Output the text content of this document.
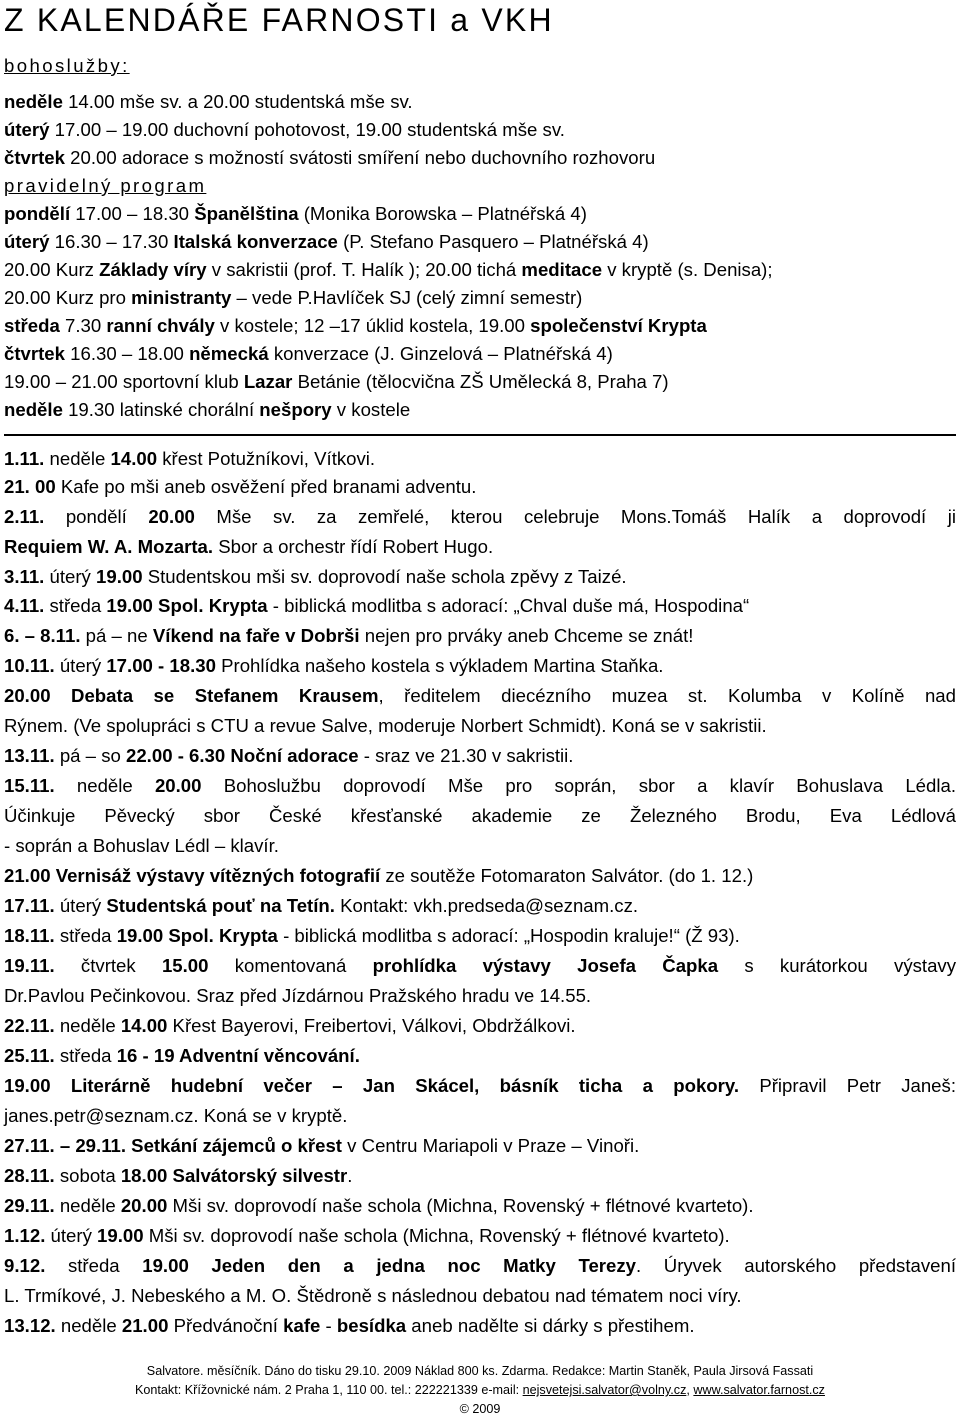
Z KALENDÁŘE FARNOSTI a VKH
bohoslužby:
neděle 14.00 mše sv. a 20.00 studentská mše sv.
úterý 17.00 – 19.00 duchovní pohotovost, 19.00 studentská mše sv.
čtvrtek 20.00 adorace s možností svátosti smíření nebo duchovního rozhovoru
pravidelný program
pondělí 17.00 – 18.30 Španělština (Monika Borowska – Platnéřská 4)
úterý 16.30 – 17.30 Italská konverzace (P. Stefano Pasquero – Platnéřská 4)
20.00 Kurz Základy víry v sakristii (prof. T. Halík ); 20.00 tichá meditace v kryptě (s. Denisa);
20.00 Kurz pro ministranty – vede P.Havlíček SJ (celý zimní semestr)
středa 7.30 ranní chvály v kostele; 12 –17 úklid kostela, 19.00 společenství Krypta
čtvrtek 16.30 – 18.00 německá konverzace (J. Ginzelová – Platnéřská 4)
19.00 – 21.00 sportovní klub Lazar Betánie (tělocvična ZŠ Umělecká 8, Praha 7)
neděle 19.30 latinské chorální nešpory v kostele
1.11. neděle 14.00 křest Potužníkovi, Vítkovi.
21. 00 Kafe po mši aneb osvěžení před branami adventu.
2.11. pondělí 20.00 Mše sv. za zemřelé, kterou celebruje Mons.Tomáš Halík a doprovodí ji
Requiem W. A. Mozarta. Sbor a orchestr řídí Robert Hugo.
3.11. úterý 19.00 Studentskou mši sv. doprovodí naše schola zpěvy z Taizé.
4.11. středa 19.00 Spol. Krypta - biblická modlitba s adorací: „Chval duše má, Hospodina“
6. – 8.11. pá – ne Víkend na faře v Dobrši nejen pro prváky aneb Chceme se znát!
10.11. úterý 17.00 - 18.30 Prohlídka našeho kostela s výkladem Martina Staňka.
20.00 Debata se Stefanem Krausem, ředitelem diecézního muzea st. Kolumba v Kolíně nad
Rýnem. (Ve spolupráci s CTU a revue Salve, moderuje Norbert Schmidt). Koná se v sakristii.
13.11. pá – so 22.00 - 6.30 Noční adorace - sraz ve 21.30 v sakristii.
15.11. neděle 20.00 Bohoslužbu doprovodí Mše pro soprán, sbor a klavír Bohuslava Lédla.
Účinkuje Pěvecký sbor České křesťanské akademie ze Železného Brodu, Eva Lédlová
- soprán a Bohuslav Lédl – klavír.
21.00 Vernisáž výstavy vítězných fotografií ze soutěže Fotomaraton Salvátor. (do 1. 12.)
17.11. úterý Studentská pouť na Tetín. Kontakt: vkh.predseda@seznam.cz.
18.11. středa 19.00 Spol. Krypta - biblická modlitba s adorací: „Hospodin kraluje!“ (Ž 93).
19.11. čtvrtek 15.00 komentovaná prohlídka výstavy Josefa Čapka s kurátorkou výstavy
Dr.Pavlou Pečinkovou. Sraz před Jízdárnou Pražského hradu ve 14.55.
22.11. neděle 14.00 Křest Bayerovi, Freibertovi, Válkovi, Obdržálkovi.
25.11. středa 16 - 19 Adventní věncování.
19.00 Literárně hudební večer – Jan Skácel, básník ticha a pokory. Připravil Petr Janeš:
janes.petr@seznam.cz. Koná se v kryptě.
27.11. – 29.11. Setkání zájemců o křest v Centru Mariapoli v Praze – Vinoři.
28.11. sobota 18.00 Salvátorský silvestr.
29.11. neděle 20.00 Mši sv. doprovodí naše schola (Michna, Rovenský + flétnové kvarteto).
1.12. úterý 19.00 Mši sv. doprovodí naše schola (Michna, Rovenský + flétnové kvarteto).
9.12. středa 19.00 Jeden den a jedna noc Matky Terezy. Úryvek autorského představení
L. Trmíkové, J. Nebeského a M. O. Štědroně s následnou debatou nad tématem noci víry.
13.12. neděle 21.00 Předvánoční kafe - besídka aneb nadělte si dárky s přestihem.
Salvatore. měsíčník. Dáno do tisku 29.10. 2009 Náklad 800 ks. Zdarma. Redakce: Martin Staněk, Paula Jirsová Fassati
Kontakt: Křížovnické nám. 2 Praha 1, 110 00. tel.: 222221339 e-mail: nejsvetejsi.salvator@volny.cz, www.salvator.farnost.cz
© 2009
